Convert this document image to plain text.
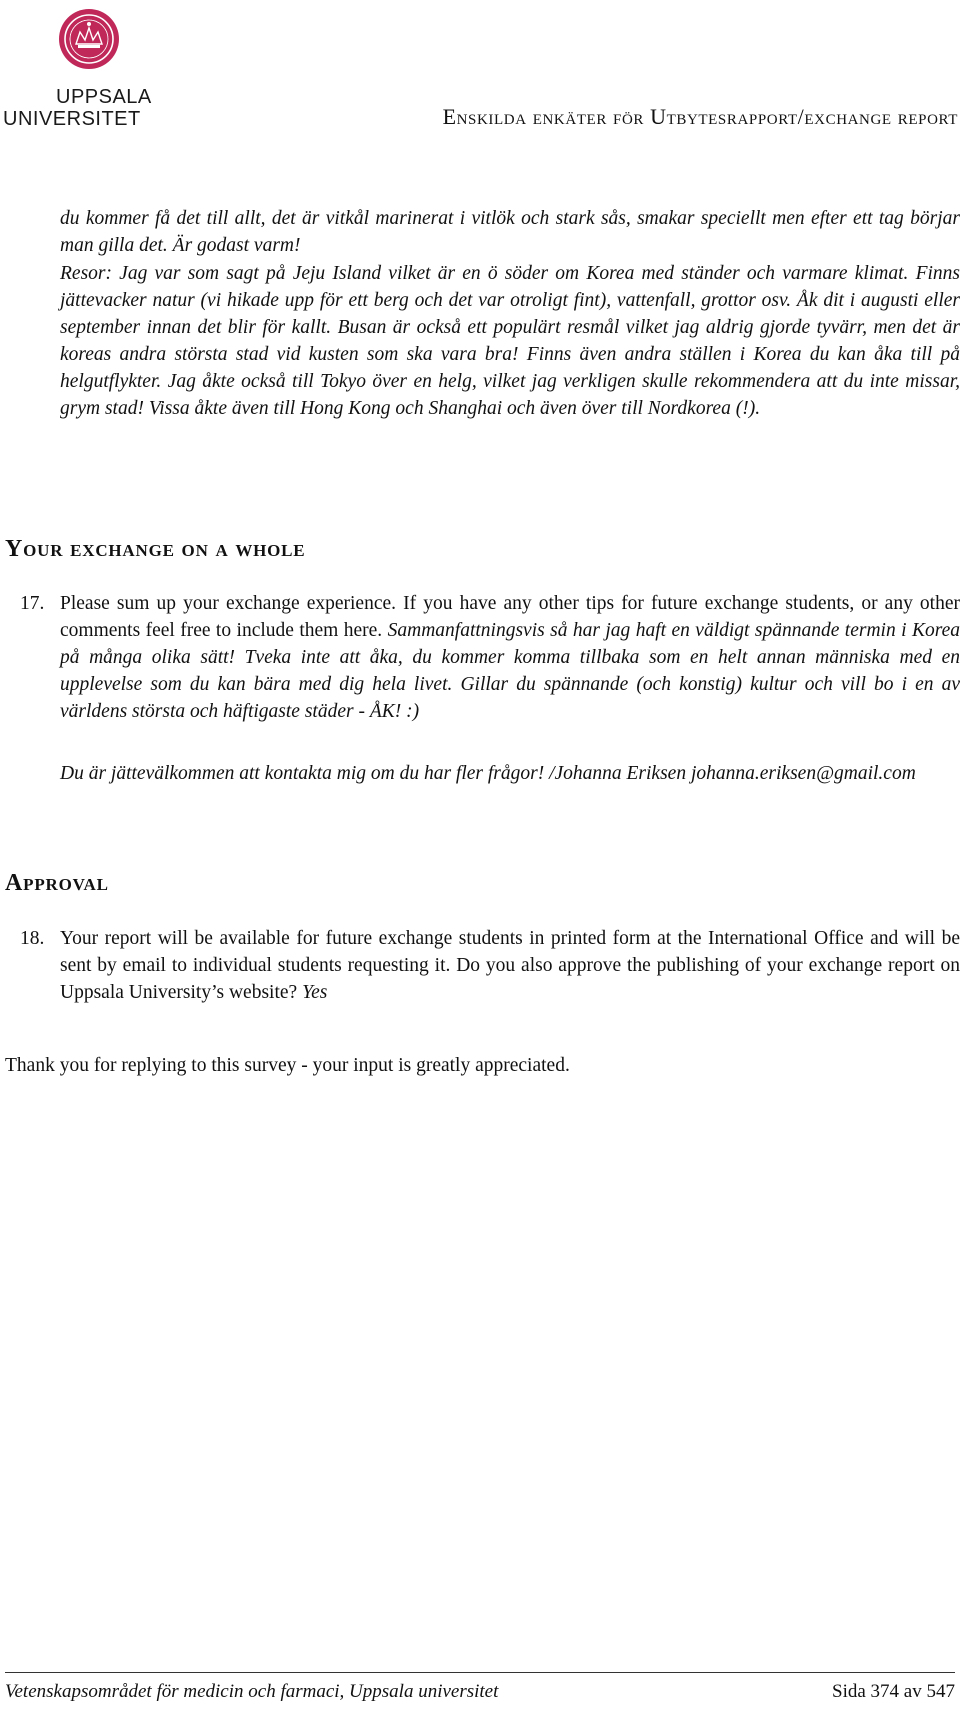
UPPSALA
UNIVERSITET	Enskilda enkäter för Utbytesrapport/exchange report

du kommer få det till allt, det är vitkål marinerat i vitlök och stark sås, smakar speciellt men efter ett tag börjar man gilla det. Är godast varm!

Resor: Jag var som sagt på Jeju Island vilket är en ö söder om Korea med ständer och varmare klimat. Finns jättevacker natur (vi hikade upp för ett berg och det var otroligt fint), vattenfall, grottor osv. Åk dit i augusti eller september innan det blir för kallt. Busan är också ett populärt resmål vilket jag aldrig gjorde tyvärr, men det är koreas andra största stad vid kusten som ska vara bra! Finns även andra ställen i Korea du kan åka till på helgutflykter. Jag åkte också till Tokyo över en helg, vilket jag verkligen skulle rekommendera att du inte missar, grym stad! Vissa åkte även till Hong Kong och Shanghai och även över till Nordkorea (!).

Your exchange on a whole
17. Please sum up your exchange experience. If you have any other tips for future exchange students, or any other comments feel free to include them here. Sammanfattningsvis så har jag haft en väldigt spännande termin i Korea på många olika sätt! Tveka inte att åka, du kommer komma tillbaka som en helt annan människa med en upplevelse som du kan bära med dig hela livet. Gillar du spännande (och konstig) kultur och vill bo i en av världens största och häftigaste städer - ÅK! :)

Du är jättevälkommen att kontakta mig om du har fler frågor! /Johanna Eriksen johanna.eriksen@gmail.com

Approval
18. Your report will be available for future exchange students in printed form at the International Office and will be sent by email to individual students requesting it. Do you also approve the publishing of your exchange report on Uppsala University’s website? Yes

Thank you for replying to this survey - your input is greatly appreciated.

Vetenskapsområdet för medicin och farmaci, Uppsala universitet	Sida 374 av 547
